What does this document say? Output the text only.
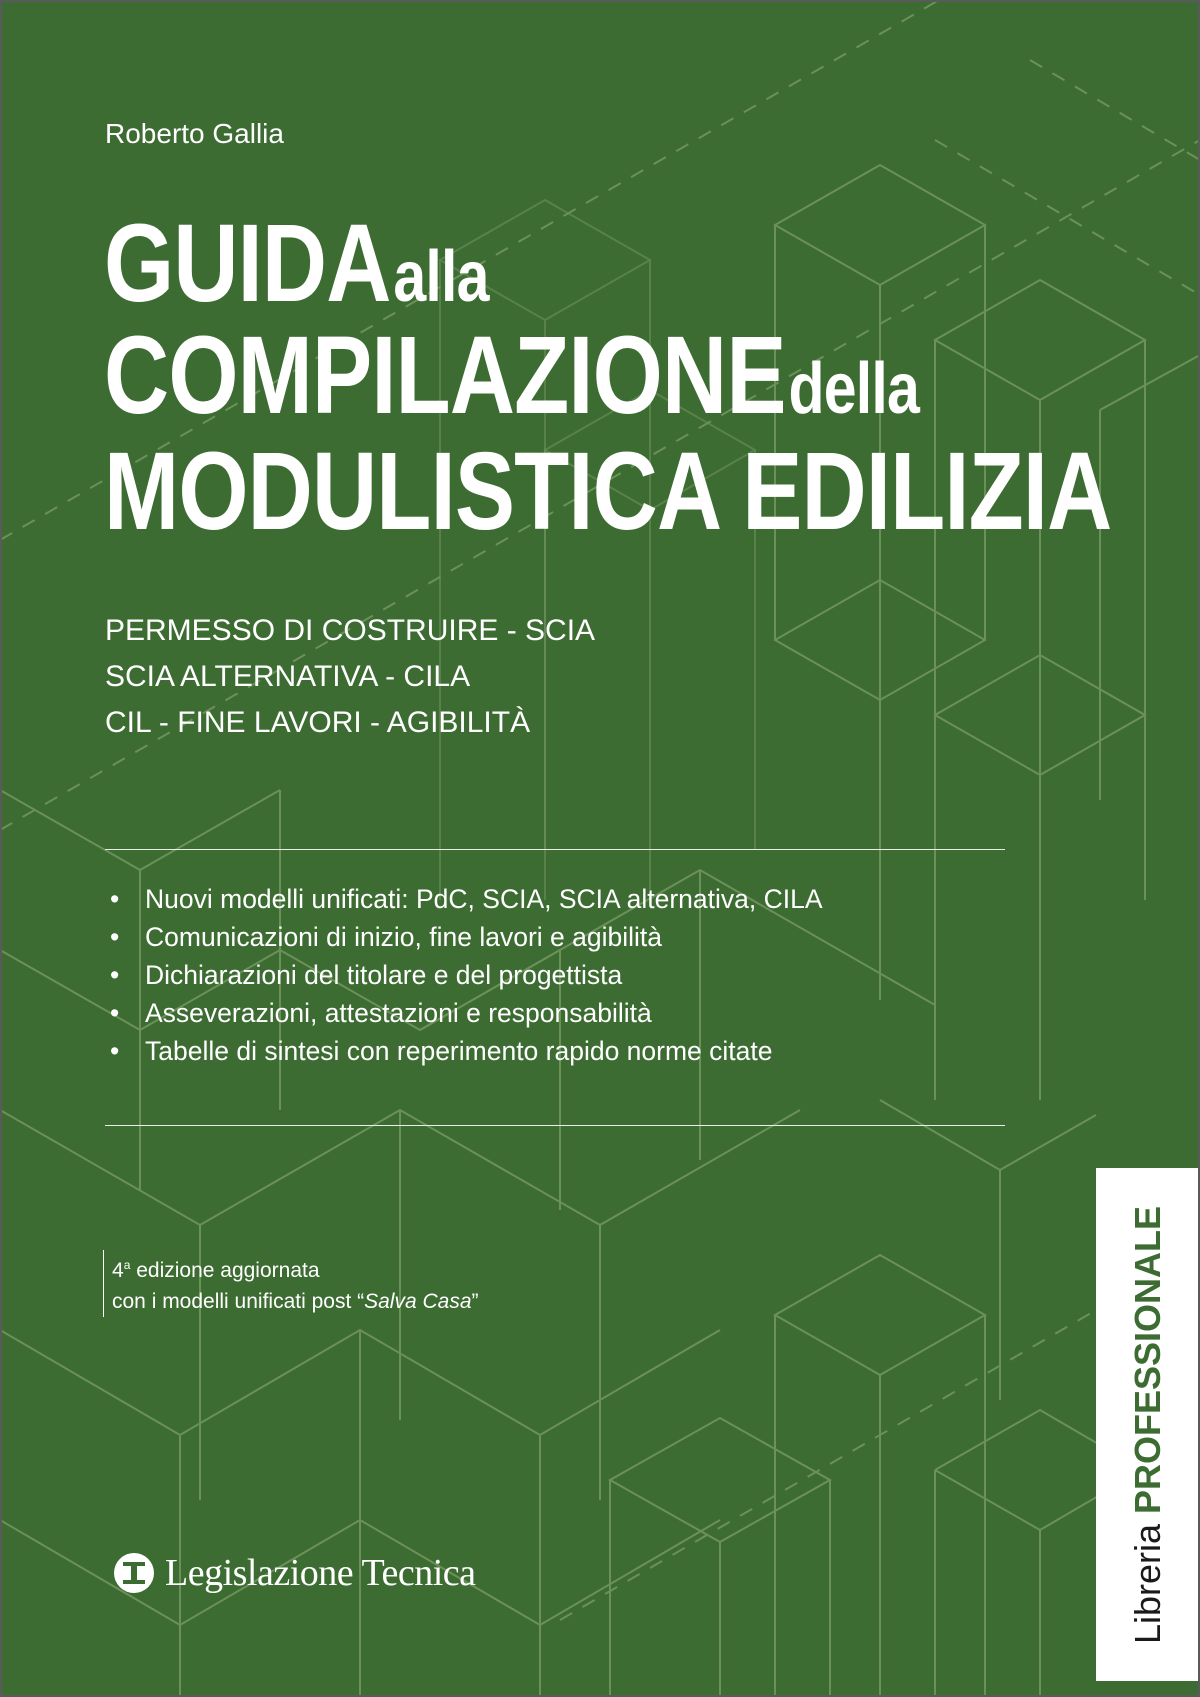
Roberto Gallia
GUIDA alla
COMPILAZIONE della
MODULISTICA EDILIZIA
PERMESSO DI COSTRUIRE - SCIA
SCIA ALTERNATIVA - CILA
CIL - FINE LAVORI - AGIBILITÀ
• Nuovi modelli unificati: PdC, SCIA, SCIA alternativa, CILA
• Comunicazioni di inizio, fine lavori e agibilità
• Dichiarazioni del titolare e del progettista
• Asseverazioni, attestazioni e responsabilità
• Tabelle di sintesi con reperimento rapido norme citate
4$^a$ edizione aggiornata
con i modelli unificati post “Salva Casa”
Legislazione Tecnica	Libreria PROFESSIONALE
